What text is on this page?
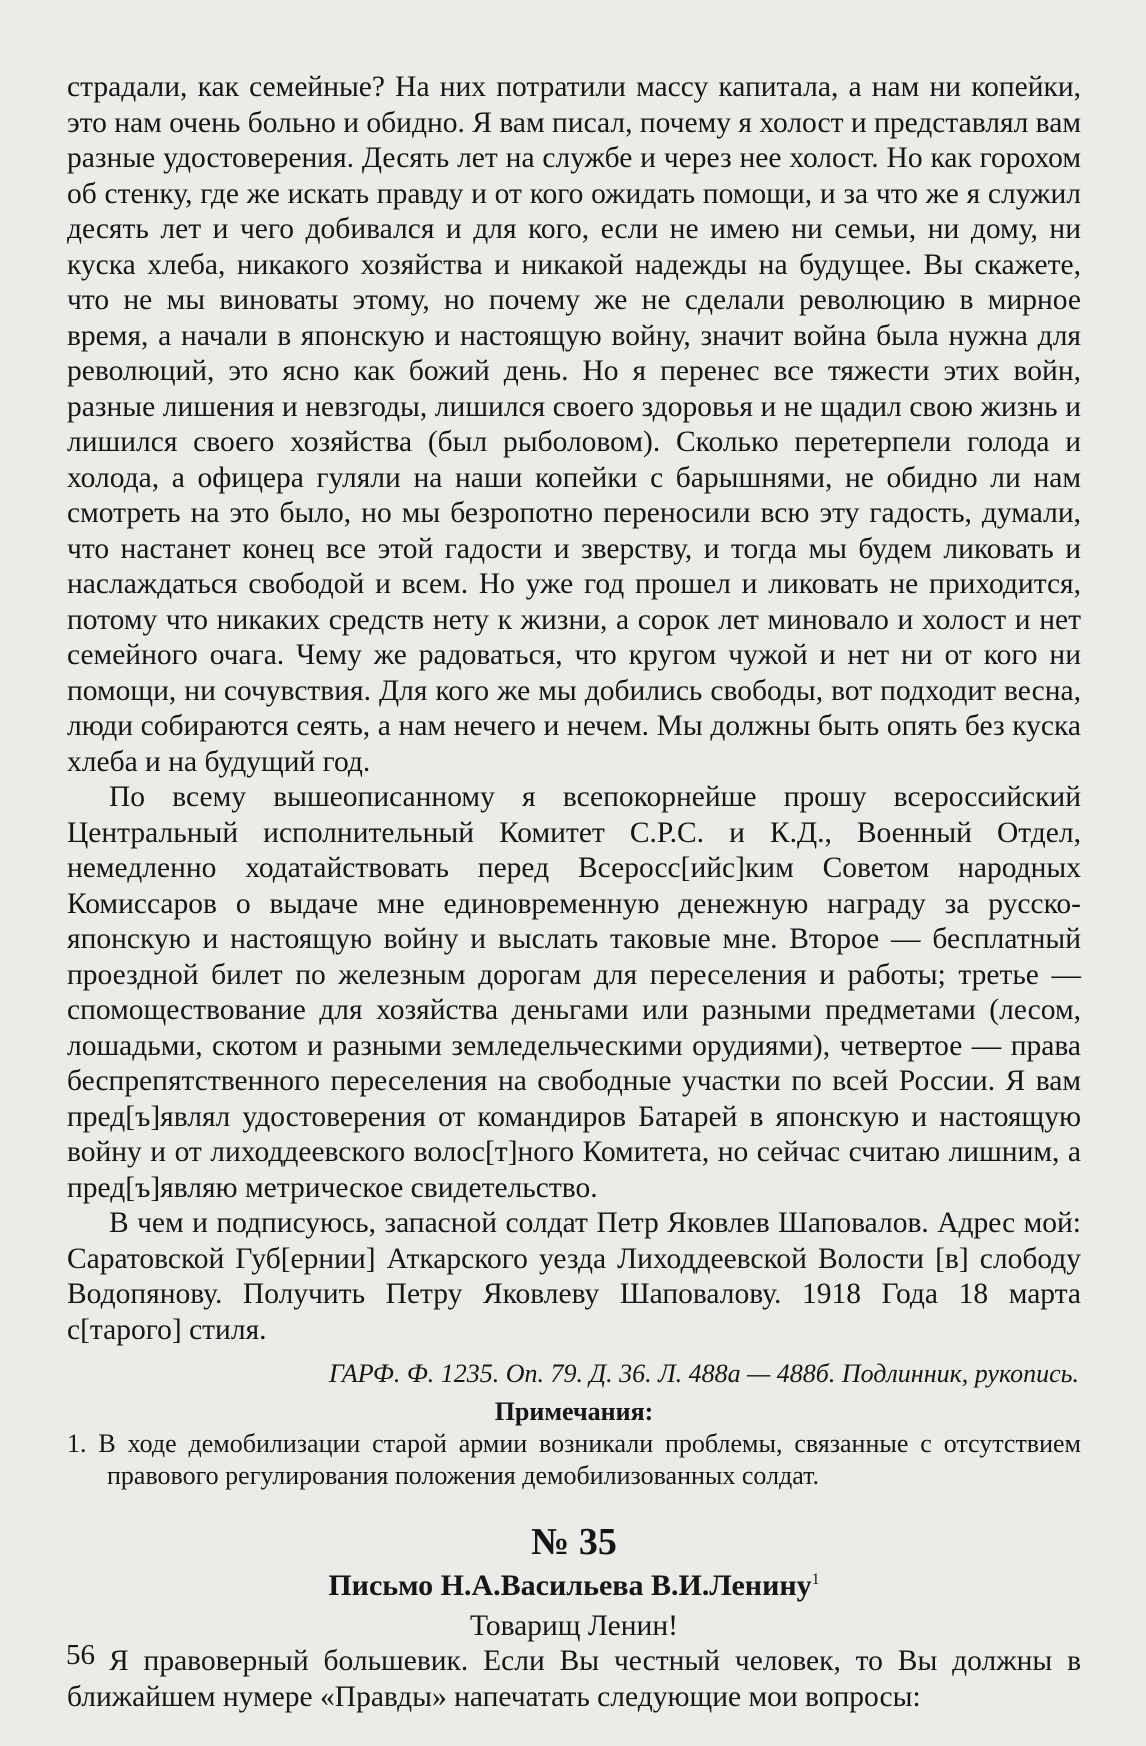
страдали, как семейные? На них потратили массу капитала, а нам ни копейки, это нам очень больно и обидно. Я вам писал, почему я холост и представлял вам разные удостоверения. Десять лет на службе и через нее холост. Но как горохом об стенку, где же искать правду и от кого ожидать помощи, и за что же я служил десять лет и чего добивался и для кого, если не имею ни семьи, ни дому, ни куска хлеба, никакого хозяйства и никакой надежды на будущее. Вы скажете, что не мы виноваты этому, но почему же не сделали революцию в мирное время, а начали в японскую и настоящую войну, значит война была нужна для революций, это ясно как божий день. Но я перенес все тяжести этих войн, разные лишения и невзгоды, лишился своего здоровья и не щадил свою жизнь и лишился своего хозяйства (был рыболовом). Сколько перетерпели голода и холода, а офицера гуляли на наши копейки с барышнями, не обидно ли нам смотреть на это было, но мы безропотно переносили всю эту гадость, думали, что настанет конец все этой гадости и зверству, и тогда мы будем ликовать и наслаждаться свободой и всем. Но уже год прошел и ликовать не приходится, потому что никаких средств нету к жизни, а сорок лет миновало и холост и нет семейного очага. Чему же радоваться, что кругом чужой и нет ни от кого ни помощи, ни сочувствия. Для кого же мы добились свободы, вот подходит весна, люди собираются сеять, а нам нечего и нечем. Мы должны быть опять без куска хлеба и на будущий год.

По всему вышеописанному я всепокорнейше прошу всероссийский Центральный исполнительный Комитет С.Р.С. и К.Д., Военный Отдел, немедленно ходатайствовать перед Всеросс[ийс]ким Советом народных Комиссаров о выдаче мне единовременную денежную награду за русско-японскую и настоящую войну и выслать таковые мне. Второе — бесплатный проездной билет по железным дорогам для переселения и работы; третье — спомоществование для хозяйства деньгами или разными предметами (лесом, лошадьми, скотом и разными земледельческими орудиями), четвертое — права беспрепятственного переселения на свободные участки по всей России. Я вам пред[ъ]являл удостоверения от командиров Батарей в японскую и настоящую войну и от лиходдеевского волос[т]ного Комитета, но сейчас считаю лишним, а пред[ъ]являю метрическое свидетельство.

В чем и подписуюсь, запасной солдат Петр Яковлев Шаповалов. Адрес мой: Саратовской Губ[ернии] Аткарского уезда Лиходдеевской Волости [в] слободу Водопянову. Получить Петру Яковлеву Шаповалову. 1918 Года 18 марта с[тарого] стиля.

ГАРФ. Ф. 1235. Оп. 79. Д. 36. Л. 488а — 488б. Подлинник, рукопись.

Примечания:

1. В ходе демобилизации старой армии возникали проблемы, связанные с отсутствием правового регулирования положения демобилизованных солдат.

№ 35

Письмо Н.А.Васильева В.И.Ленину$^1$

Товарищ Ленин!

Я правоверный большевик. Если Вы честный человек, то Вы должны в ближайшем нумере «Правды» напечатать следующие мои вопросы:

56
